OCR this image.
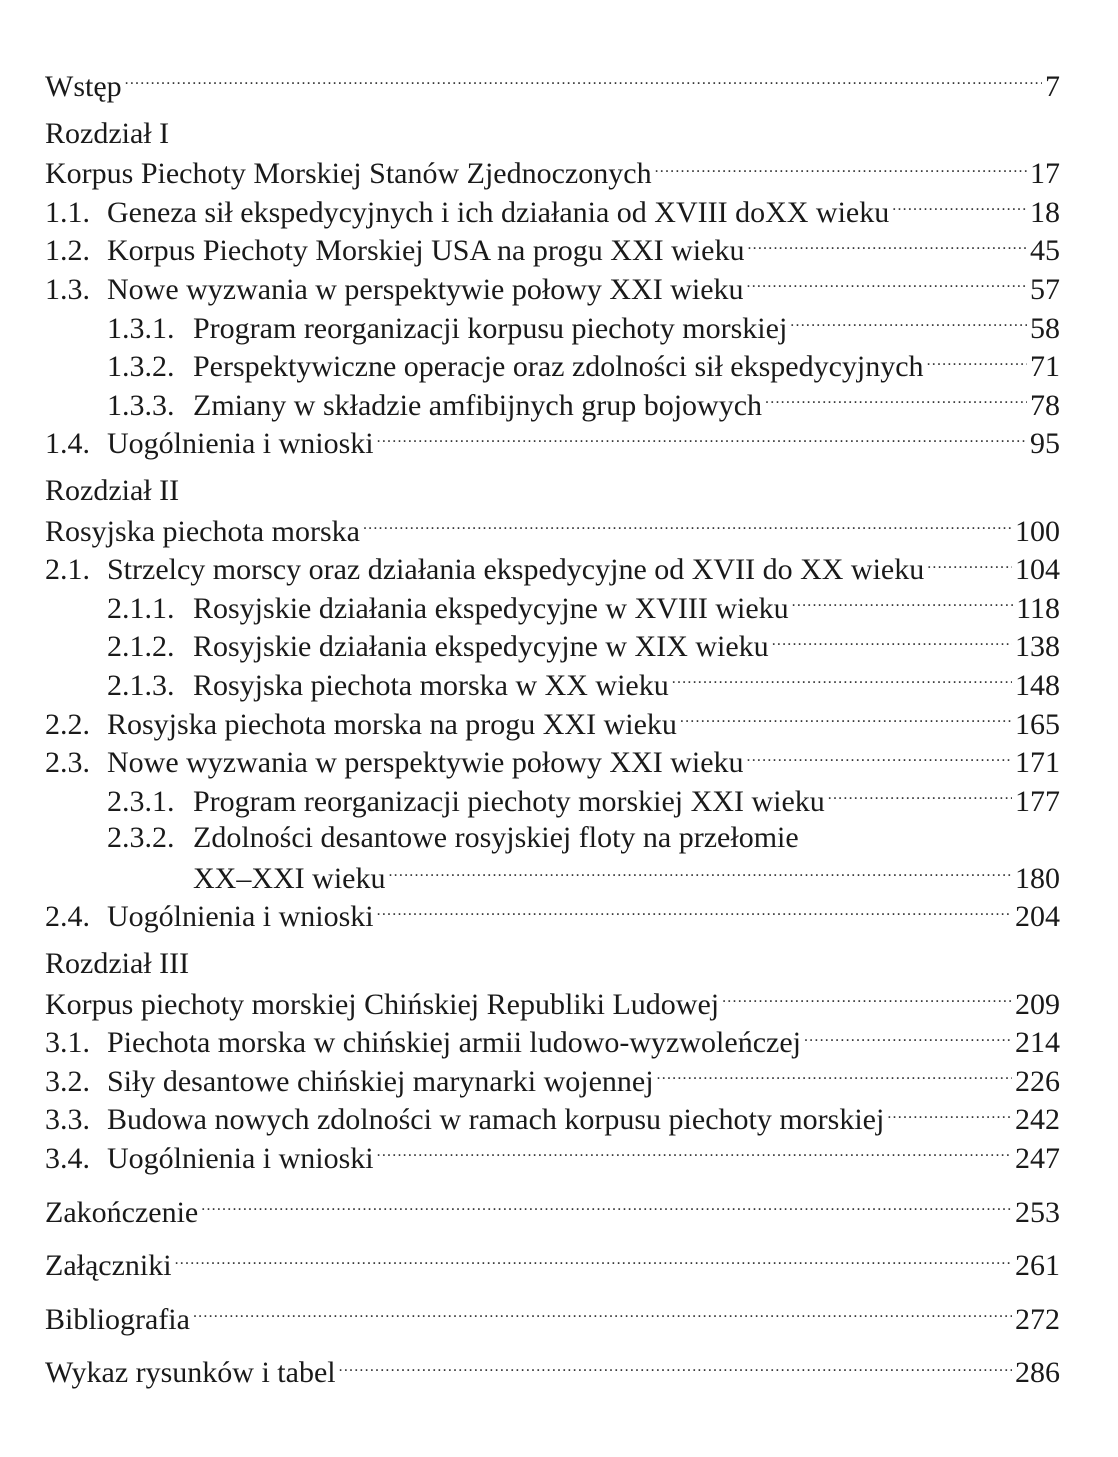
Wstęp .....	7
Rozdział I
Korpus Piechoty Morskiej Stanów Zjednoczonych .....	17
1.1. Geneza sił ekspedycyjnych i ich działania od XVIII doXX wieku .....	18
1.2. Korpus Piechoty Morskiej USA na progu XXI wieku .....	45
1.3. Nowe wyzwania w perspektywie połowy XXI wieku .....	57
1.3.1. Program reorganizacji korpusu piechoty morskiej .....	58
1.3.2. Perspektywiczne operacje oraz zdolności sił ekspedycyjnych .....	71
1.3.3. Zmiany w składzie amfibijnych grup bojowych .....	78
1.4. Uogólnienia i wnioski .....	95
Rozdział II
Rosyjska piechota morska .....	100
2.1. Strzelcy morscy oraz działania ekspedycyjne od XVII do XX wieku .....	104
2.1.1. Rosyjskie działania ekspedycyjne w XVIII wieku .....	118
2.1.2. Rosyjskie działania ekspedycyjne w XIX wieku .....	138
2.1.3. Rosyjska piechota morska w XX wieku .....	148
2.2. Rosyjska piechota morska na progu XXI wieku .....	165
2.3. Nowe wyzwania w perspektywie połowy XXI wieku .....	171
2.3.1. Program reorganizacji piechoty morskiej XXI wieku .....	177
2.3.2. Zdolności desantowe rosyjskiej floty na przełomie
XX–XXI wieku .....	180
2.4. Uogólnienia i wnioski .....	204
Rozdział III
Korpus piechoty morskiej Chińskiej Republiki Ludowej .....	209
3.1. Piechota morska w chińskiej armii ludowo-wyzwoleńczej .....	214
3.2. Siły desantowe chińskiej marynarki wojennej .....	226
3.3. Budowa nowych zdolności w ramach korpusu piechoty morskiej .....	242
3.4. Uogólnienia i wnioski .....	247
Zakończenie .....	253
Załączniki .....	261
Bibliografia .....	272
Wykaz rysunków i tabel .....	286
